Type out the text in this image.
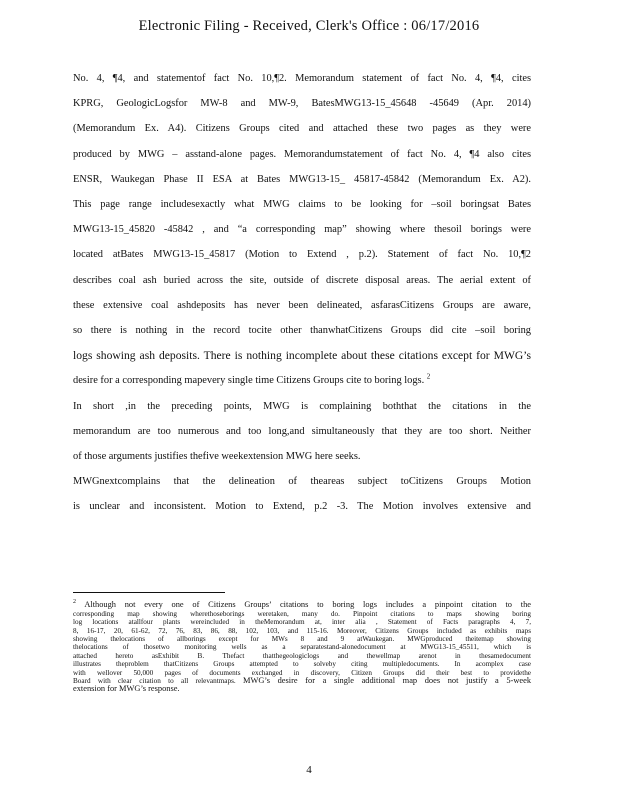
Electronic Filing - Received, Clerk's Office : 06/17/2016

No. 4, ¶4, and statementof fact No. 10,¶2. Memorandum statement of fact No. 4, ¶4, cites

KPRG, GeologicLogsfor MW-8 and MW-9, BatesMWG13-15_45648 -45649 (Apr. 2014)

(Memorandum Ex. A4). Citizens Groups cited and attached these two pages as they were

produced by MWG – asstand-alone pages. Memorandumstatement of fact No. 4, ¶4 also cites

ENSR, Waukegan Phase II ESA at Bates MWG13-15_ 45817-45842 (Memorandum Ex. A2).

This page range includesexactly what MWG claims to be looking for –soil boringsat Bates

MWG13-15_45820 -45842 , and “a corresponding map” showing where thesoil borings were

located atBates MWG13-15_45817 (Motion to Extend , p.2). Statement of fact No. 10,¶2

describes coal ash buried across the site, outside of discrete disposal areas. The aerial extent of

these extensive coal ashdeposits has never been delineated, asfarasCitizens Groups are aware,

so there is nothing in the record tocite other thanwhatCitizens Groups did cite –soil boring

logs showing ash deposits. There is nothing incomplete about these citations except for MWG’s

desire for a corresponding mapevery single time Citizens Groups cite to boring logs. $^2$

In short ,in the preceding points, MWG is complaining boththat the citations in the

memorandum are too numerous and too long,and simultaneously that they are too short. Neither

of those arguments justifies thefive weekextension MWG here seeks.

MWGnextcomplains that the delineation of theareas subject toCitizens Groups Motion

is unclear and inconsistent. Motion to Extend, p.2 -3. The Motion involves extensive and

$^2$ Although not every one of Citizens Groups’ citations to boring logs includes a pinpoint citation to the

corresponding map showing wherethoseborings weretaken, many do. Pinpoint citations to maps showing boring

log locations atallfour plants wereincluded in theMemorandum at, inter alia , Statement of Facts paragraphs 4, 7,

8, 16-17, 20, 61-62, 72, 76, 83, 86, 88, 102, 103, and 115-16. Moreover, Citizens Groups included as exhibits maps

showing thelocations of allborings except for MWs 8 and 9 atWaukegan. MWGproduced theitemap showing

thelocations of thosetwo monitoring wells as a separatestand-alonedocument at MWG13-15_45511, which is

attached hereto asExhibit B. Thefact thatthegeologiclogs and thewellmap arenot in thesamedocument

illustrates theproblem thatCitizens Groups attempted to solveby citing multipledocuments. In acomplex case

with wellover 50,000 pages of documents exchanged in discovery, Citizen Groups did their best to providethe

Board with clear citation to all relevantmaps. MWG’s desire for a single additional map does not justify a 5-week

extension for MWG’s response.

4
